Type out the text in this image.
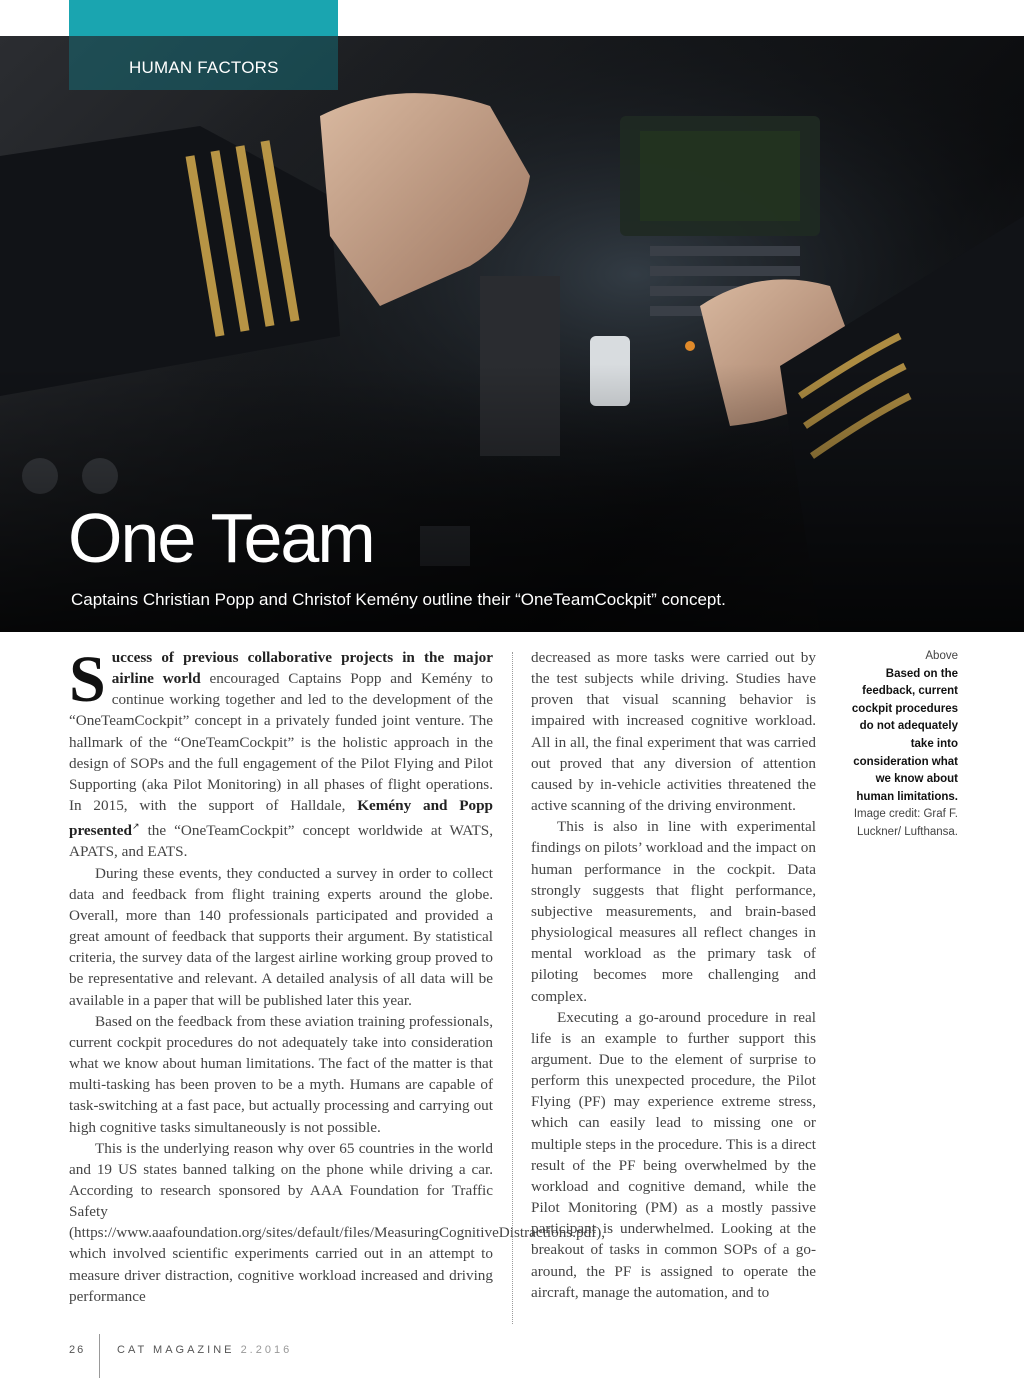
HUMAN FACTORS
One Team

Captains Christian Popp and Christof Kemény outline their “OneTeamCockpit” concept.

Success of previous collaborative projects in the major airline world encouraged Captains Popp and Kemény to continue working together and led to the development of the “OneTeamCockpit” concept in a privately funded joint venture. The hallmark of the “OneTeamCockpit” is the holistic approach in the design of SOPs and the full engagement of the Pilot Flying and Pilot Supporting (aka Pilot Monitoring) in all phases of flight operations. In 2015, with the support of Halldale, Kemény and Popp presented↗ the “OneTeamCockpit” concept worldwide at WATS, APATS, and EATS.

During these events, they conducted a survey in order to collect data and feedback from flight training experts around the globe. Overall, more than 140 professionals participated and provided a great amount of feedback that supports their argument. By statistical criteria, the survey data of the largest airline working group proved to be representative and relevant. A detailed analysis of all data will be available in a paper that will be published later this year.

Based on the feedback from these aviation training professionals, current cockpit procedures do not adequately take into consideration what we know about human limitations. The fact of the matter is that multi-tasking has been proven to be a myth. Humans are capable of task-switching at a fast pace, but actually processing and carrying out high cognitive tasks simultaneously is not possible.

This is the underlying reason why over 65 countries in the world and 19 US states banned talking on the phone while driving a car. According to research sponsored by AAA Foundation for Traffic Safety (https://www.aaafoundation.org/sites/default/files/MeasuringCognitiveDistractions.pdf), which involved scientific experiments carried out in an attempt to measure driver distraction, cognitive workload increased and driving performance

decreased as more tasks were carried out by the test subjects while driving. Studies have proven that visual scanning behavior is impaired with increased cognitive workload. All in all, the final experiment that was carried out proved that any diversion of attention caused by in-vehicle activities threatened the active scanning of the driving environment.

This is also in line with experimental findings on pilots’ workload and the impact on human performance in the cockpit. Data strongly suggests that flight performance, subjective measurements, and brain-based physiological measures all reflect changes in mental workload as the primary task of piloting becomes more challenging and complex.

Executing a go-around procedure in real life is an example to further support this argument. Due to the element of surprise to perform this unexpected procedure, the Pilot Flying (PF) may experience extreme stress, which can easily lead to missing one or multiple steps in the procedure. This is a direct result of the PF being overwhelmed by the workload and cognitive demand, while the Pilot Monitoring (PM) as a mostly passive participant is underwhelmed. Looking at the breakout of tasks in common SOPs of a go-around, the PF is assigned to operate the aircraft, manage the automation, and to

Above
Based on the feedback, current cockpit procedures do not adequately take into consideration what we know about human limitations.
Image credit: Graf F. Luckner/ Lufthansa.
26	CAT MAGAZINE 2.2016
